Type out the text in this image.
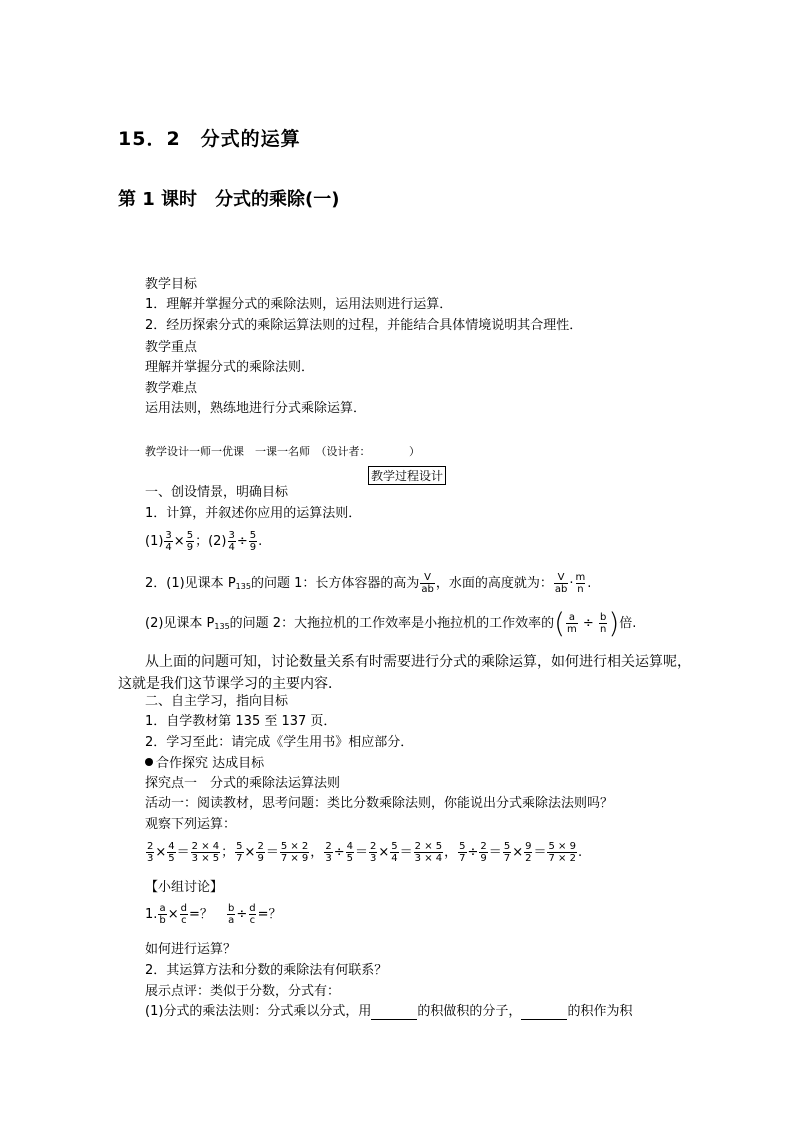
15．2　分式的运算
第 1 课时　分式的乘除(一)
教学目标
1．理解并掌握分式的乘除法则，运用法则进行运算．
2．经历探索分式的乘除运算法则的过程，并能结合具体情境说明其合理性．
教学重点
理解并掌握分式的乘除法则．
教学难点
运用法则，熟练地进行分式乘除运算．
教学设计一师一优课　一课一名师　（设计者：　　　　）
教学过程设计
一、创设情景，明确目标
1．计算，并叙述你应用的运算法则．
$(1) \frac{3}{4} \times \frac{5}{9}$ ；$(2) \frac{3}{4} \div \frac{5}{9}$ .
2．(1)见课本 $P_{135}$的问题 1：长方体容器的高为 $\frac{V}{ab}$ ，水面的高度就为： $\frac{V}{ab} \cdot \frac{m}{n}$ .
(2)见课本 $P_{135}$的问题 2：大拖拉机的工作效率是小拖拉机的工作效率的( $\frac{a}{m} \div \frac{b}{n}$ )倍.
从上面的问题可知，讨论数量关系有时需要进行分式的乘除运算，如何进行相关运算呢，
这就是我们这节课学习的主要内容．
二、自主学习，指向目标
1．自学教材第 135 至 137 页．
2．学习至此：请完成《学生用书》相应部分．
合作探究 达成目标
探究点一　分式的乘除法运算法则
活动一：阅读教材，思考问题：类比分数乘除法则，你能说出分式乘除法法则吗？
观察下列运算：
$\frac{2}{3} \times \frac{4}{5} = \frac{2 \times 4}{3 \times 5}$ ； $\frac{5}{7} \times \frac{2}{9} = \frac{5 \times 2}{7 \times 9}$ ， $\frac{2}{3} \div \frac{4}{5} = \frac{2}{3} \times \frac{5}{4} = \frac{2 \times 5}{3 \times 4}$ ， $\frac{5}{7} \div \frac{2}{9} = \frac{5}{7} \times \frac{9}{2} = \frac{5 \times 9}{7 \times 2}$ .
【小组讨论】
1. $\frac{a}{b} \times \frac{d}{c}$ =？　 $\frac{b}{a} \div \frac{d}{c}$ =？
如何进行运算？
2．其运算方法和分数的乘除法有何联系？
展示点评：类似于分数，分式有：
(1)分式的乘法法则：分式乘以分式，用	的积做积的分子，	的积作为积
